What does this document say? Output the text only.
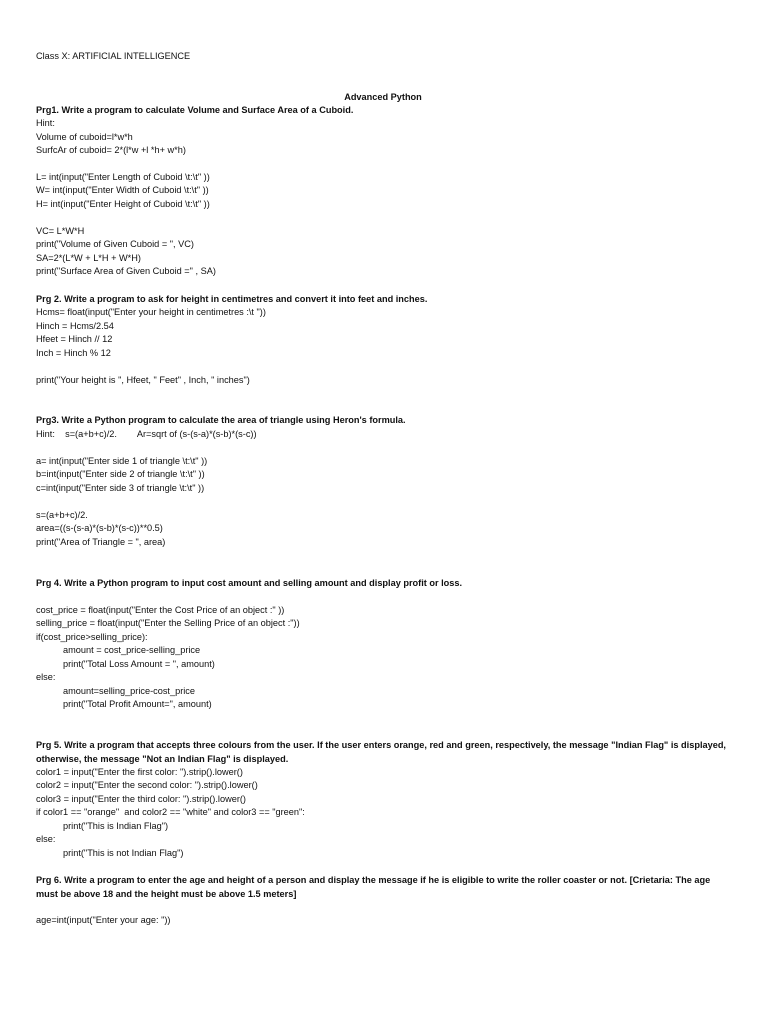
Class X: ARTIFICIAL INTELLIGENCE
Advanced Python
Prg1. Write a program to calculate Volume and Surface Area of a Cuboid.
Hint:
Volume of cuboid=l*w*h
SurfcAr of cuboid= 2*(l*w +l *h+ w*h)
L= int(input("Enter Length of Cuboid \t:\t" ))
W= int(input("Enter Width of Cuboid \t:\t" ))
H= int(input("Enter Height of Cuboid \t:\t" ))
VC= L*W*H
print("Volume of Given Cuboid = ", VC)
SA=2*(L*W + L*H + W*H)
print("Surface Area of Given Cuboid =" , SA)
Prg 2. Write a program to ask for height in centimetres and convert it into feet and inches.
Hcms= float(input("Enter your height in centimetres :\t "))
Hinch = Hcms/2.54
Hfeet = Hinch // 12
Inch = Hinch % 12
print("Your height is ", Hfeet, " Feet" , Inch, " inches")
Prg3. Write a Python program to calculate the area of triangle using Heron's formula.
Hint:    s=(a+b+c)/2.        Ar=sqrt of (s-(s-a)*(s-b)*(s-c))
a= int(input("Enter side 1 of triangle \t:\t" ))
b=int(input("Enter side 2 of triangle \t:\t" ))
c=int(input("Enter side 3 of triangle \t:\t" ))
s=(a+b+c)/2.
area=((s-(s-a)*(s-b)*(s-c))**0.5)
print("Area of Triangle = ", area)
Prg 4. Write a Python program to input cost amount and selling amount and display profit or loss.
cost_price = float(input("Enter the Cost Price of an object :" ))
selling_price = float(input("Enter the Selling Price of an object :"))
if(cost_price>selling_price):
amount = cost_price-selling_price
print("Total Loss Amount = ", amount)
else:
amount=selling_price-cost_price
print("Total Profit Amount=", amount)
Prg 5. Write a program that accepts three colours from the user. If the user enters orange, red and green, respectively, the message "Indian Flag" is displayed, otherwise, the message "Not an Indian Flag" is displayed.
color1 = input("Enter the first color: ").strip().lower()
color2 = input("Enter the second color: ").strip().lower()
color3 = input("Enter the third color: ").strip().lower()
if color1 == "orange"  and color2 == "white" and color3 == "green":
print("This is Indian Flag")
else:
print("This is not Indian Flag")
Prg 6. Write a program to enter the age and height of a person and display the message if he is eligible to write the roller coaster or not. [Crietaria: The age must be above 18 and the height must be above 1.5 meters]
age=int(input("Enter your age: "))
